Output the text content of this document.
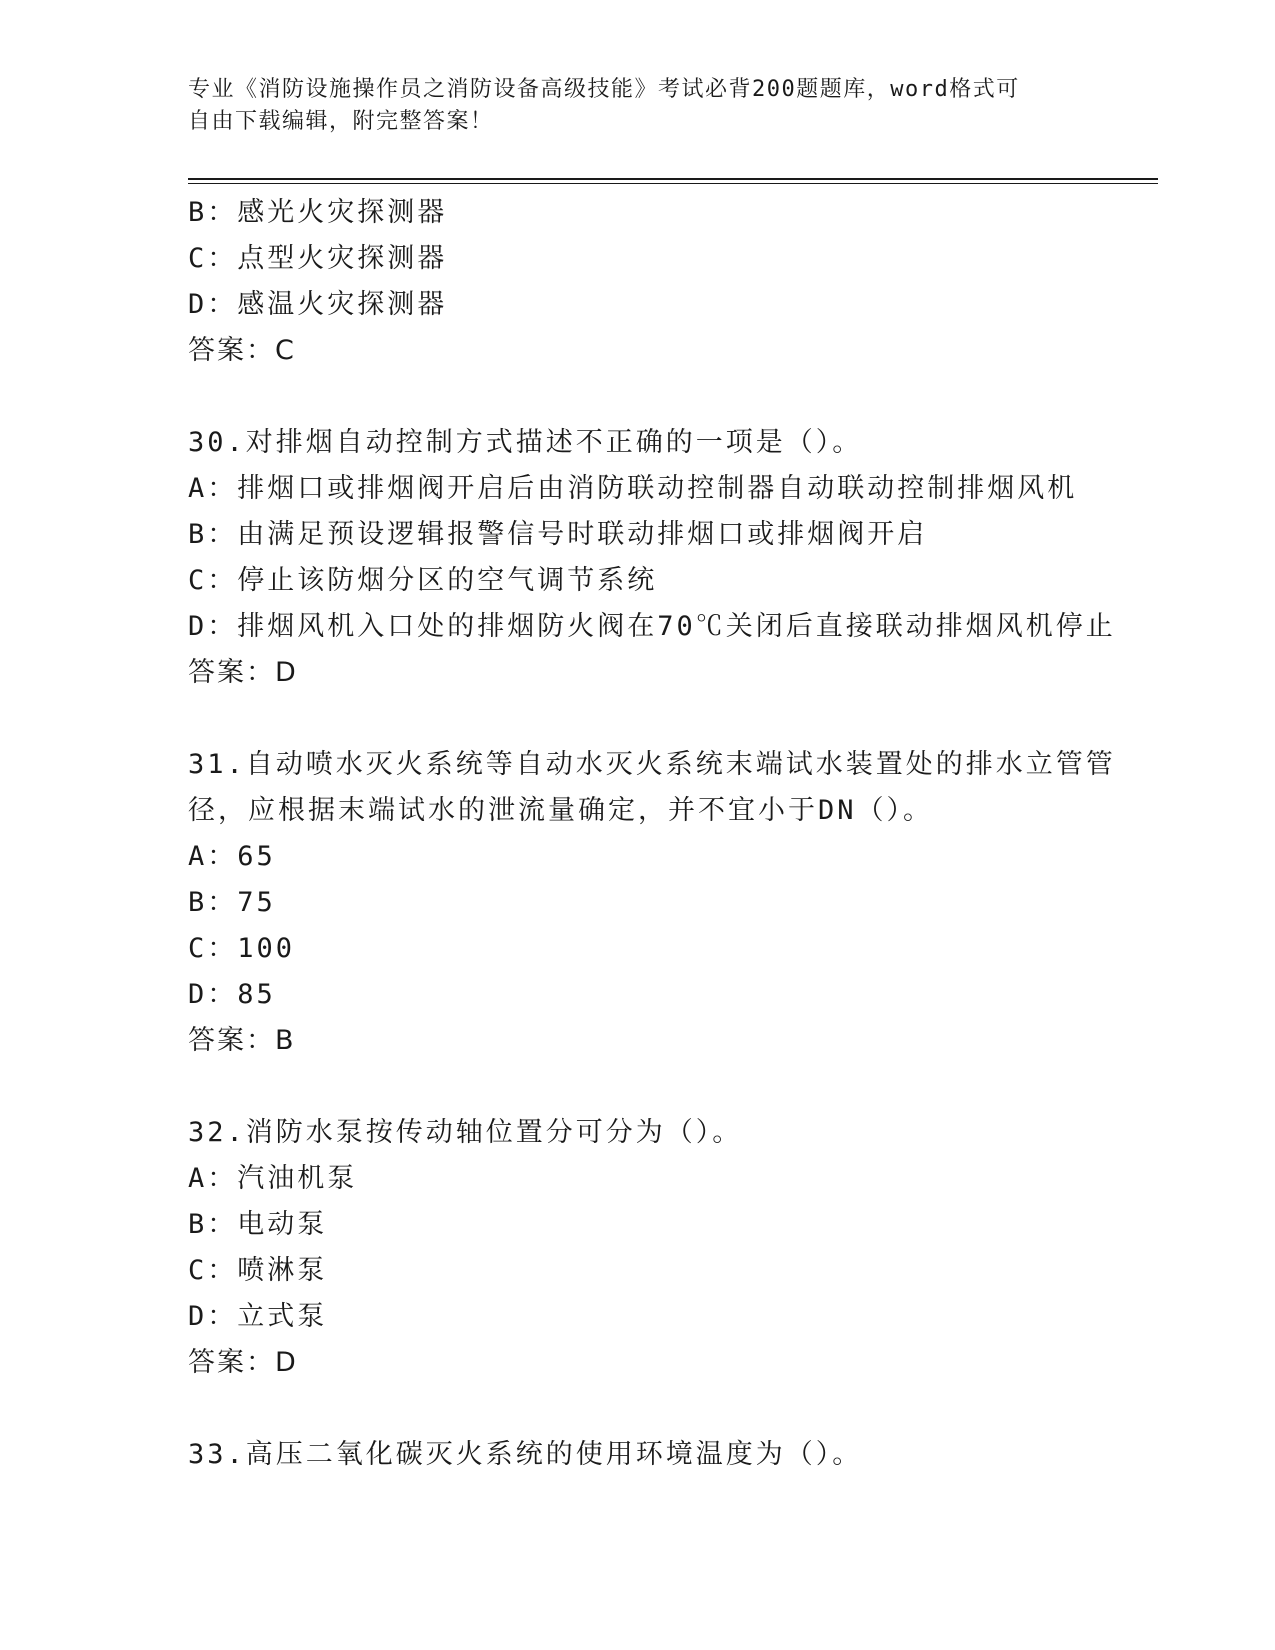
专业《消防设施操作员之消防设备高级技能》考试必背200题题库，word格式可
自由下载编辑，附完整答案！
B：感光火灾探测器
C：点型火灾探测器
D：感温火灾探测器
答案：C
30.对排烟自动控制方式描述不正确的一项是（）。
A：排烟口或排烟阀开启后由消防联动控制器自动联动控制排烟风机
B：由满足预设逻辑报警信号时联动排烟口或排烟阀开启
C：停止该防烟分区的空气调节系统
D：排烟风机入口处的排烟防火阀在70℃关闭后直接联动排烟风机停止
答案：D
31.自动喷水灭火系统等自动水灭火系统末端试水装置处的排水立管管
径，应根据末端试水的泄流量确定，并不宜小于DN（）。
A：65
B：75
C：100
D：85
答案：B
32.消防水泵按传动轴位置分可分为（）。
A：汽油机泵
B：电动泵
C：喷淋泵
D：立式泵
答案：D
33.高压二氧化碳灭火系统的使用环境温度为（）。
